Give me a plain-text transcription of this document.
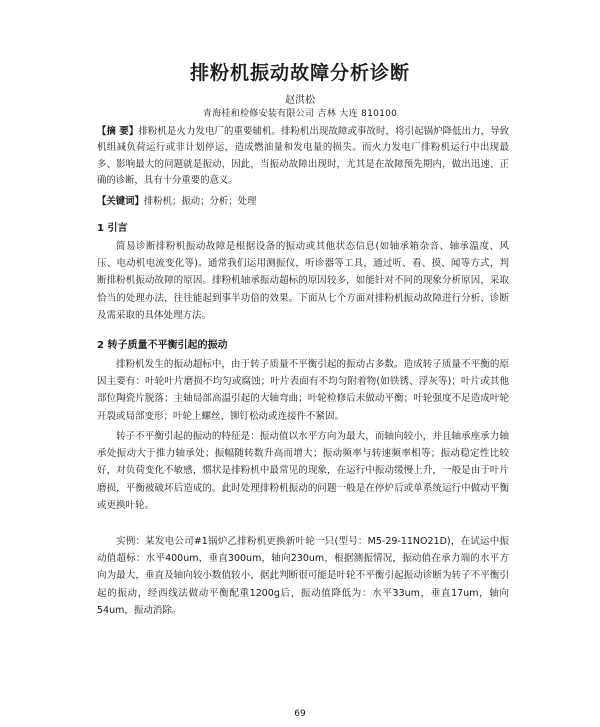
排粉机振动故障分析诊断
赵洪松
青海桂和检修安装有限公司 吉林 大连 810100

【摘 要】排粉机是火力发电厂的重要辅机。排粉机出现故障或事故时，将引起锅炉降低出力，导致机组减负荷运行或非计划停运，造成燃油量和发电量的损失。而火力发电厂排粉机运行中出现最多、影响最大的问题就是振动，因此，当振动故障出现时，尤其是在故障预先期内，做出迅速、正确的诊断，具有十分重要的意义。

【关键词】排粉机；振动；分析；处理

1 引言

简易诊断排粉机振动故障是根据设备的振动或其他状态信息(如轴承箱杂音、轴承温度、风压、电动机电流变化等)。通常我们运用测振仪，听诊器等工具，通过听、看、摸、闻等方式，判断排粉机振动故障的原因。排粉机轴承振动超标的原因较多，如能针对不同的现象分析原因，采取恰当的处理办法，往往能起到事半功倍的效果。下面从七个方面对排粉机振动故障进行分析、诊断及需采取的具体处理方法。

2 转子质量不平衡引起的振动

排粉机发生的振动超标中，由于转子质量不平衡引起的振动占多数。造成转子质量不平衡的原因主要有：叶轮叶片磨损不均匀或腐蚀；叶片表面有不均匀附着物(如铁锈、浮灰等)；叶片或其他部位陶瓷片脱落；主轴局部高温引起的大轴弯曲；叶轮检修后未做动平衡；叶轮强度不足造成叶轮开裂或局部变形；叶轮上螺丝、铆钉松动或连接件不紧固。

转子不平衡引起的振动的特征是：振动值以水平方向为最大，而轴向较小，并且轴承座承力轴承处振动大于推力轴承处；振幅随转数升高而增大；振动频率与转速频率相等；振动稳定性比较好，对负荷变化不敏感，惯状是排粉机中最常见的现象，在运行中振动缓慢上升，一般是由于叶片磨损，平衡被破坏后造成的。此时处理排粉机振动的问题一般是在停炉后或单系统运行中做动平衡或更换叶轮。

实例：某发电公司#1锅炉乙排粉机更换新叶轮一只(型号：M5-29-11NO21D)，在试运中振动值超标：水平400um，垂直300um，轴向230um，根据测振情况，振动值在承力端的水平方向为最大，垂直及轴向较小数值较小，据此判断很可能是叶轮不平衡引起振动诊断为转子不平衡引起的振动，经西线法做动平衡配重1200g后，振动值降低为：水平33um，垂直17um，轴向54um，振动消除。

69
